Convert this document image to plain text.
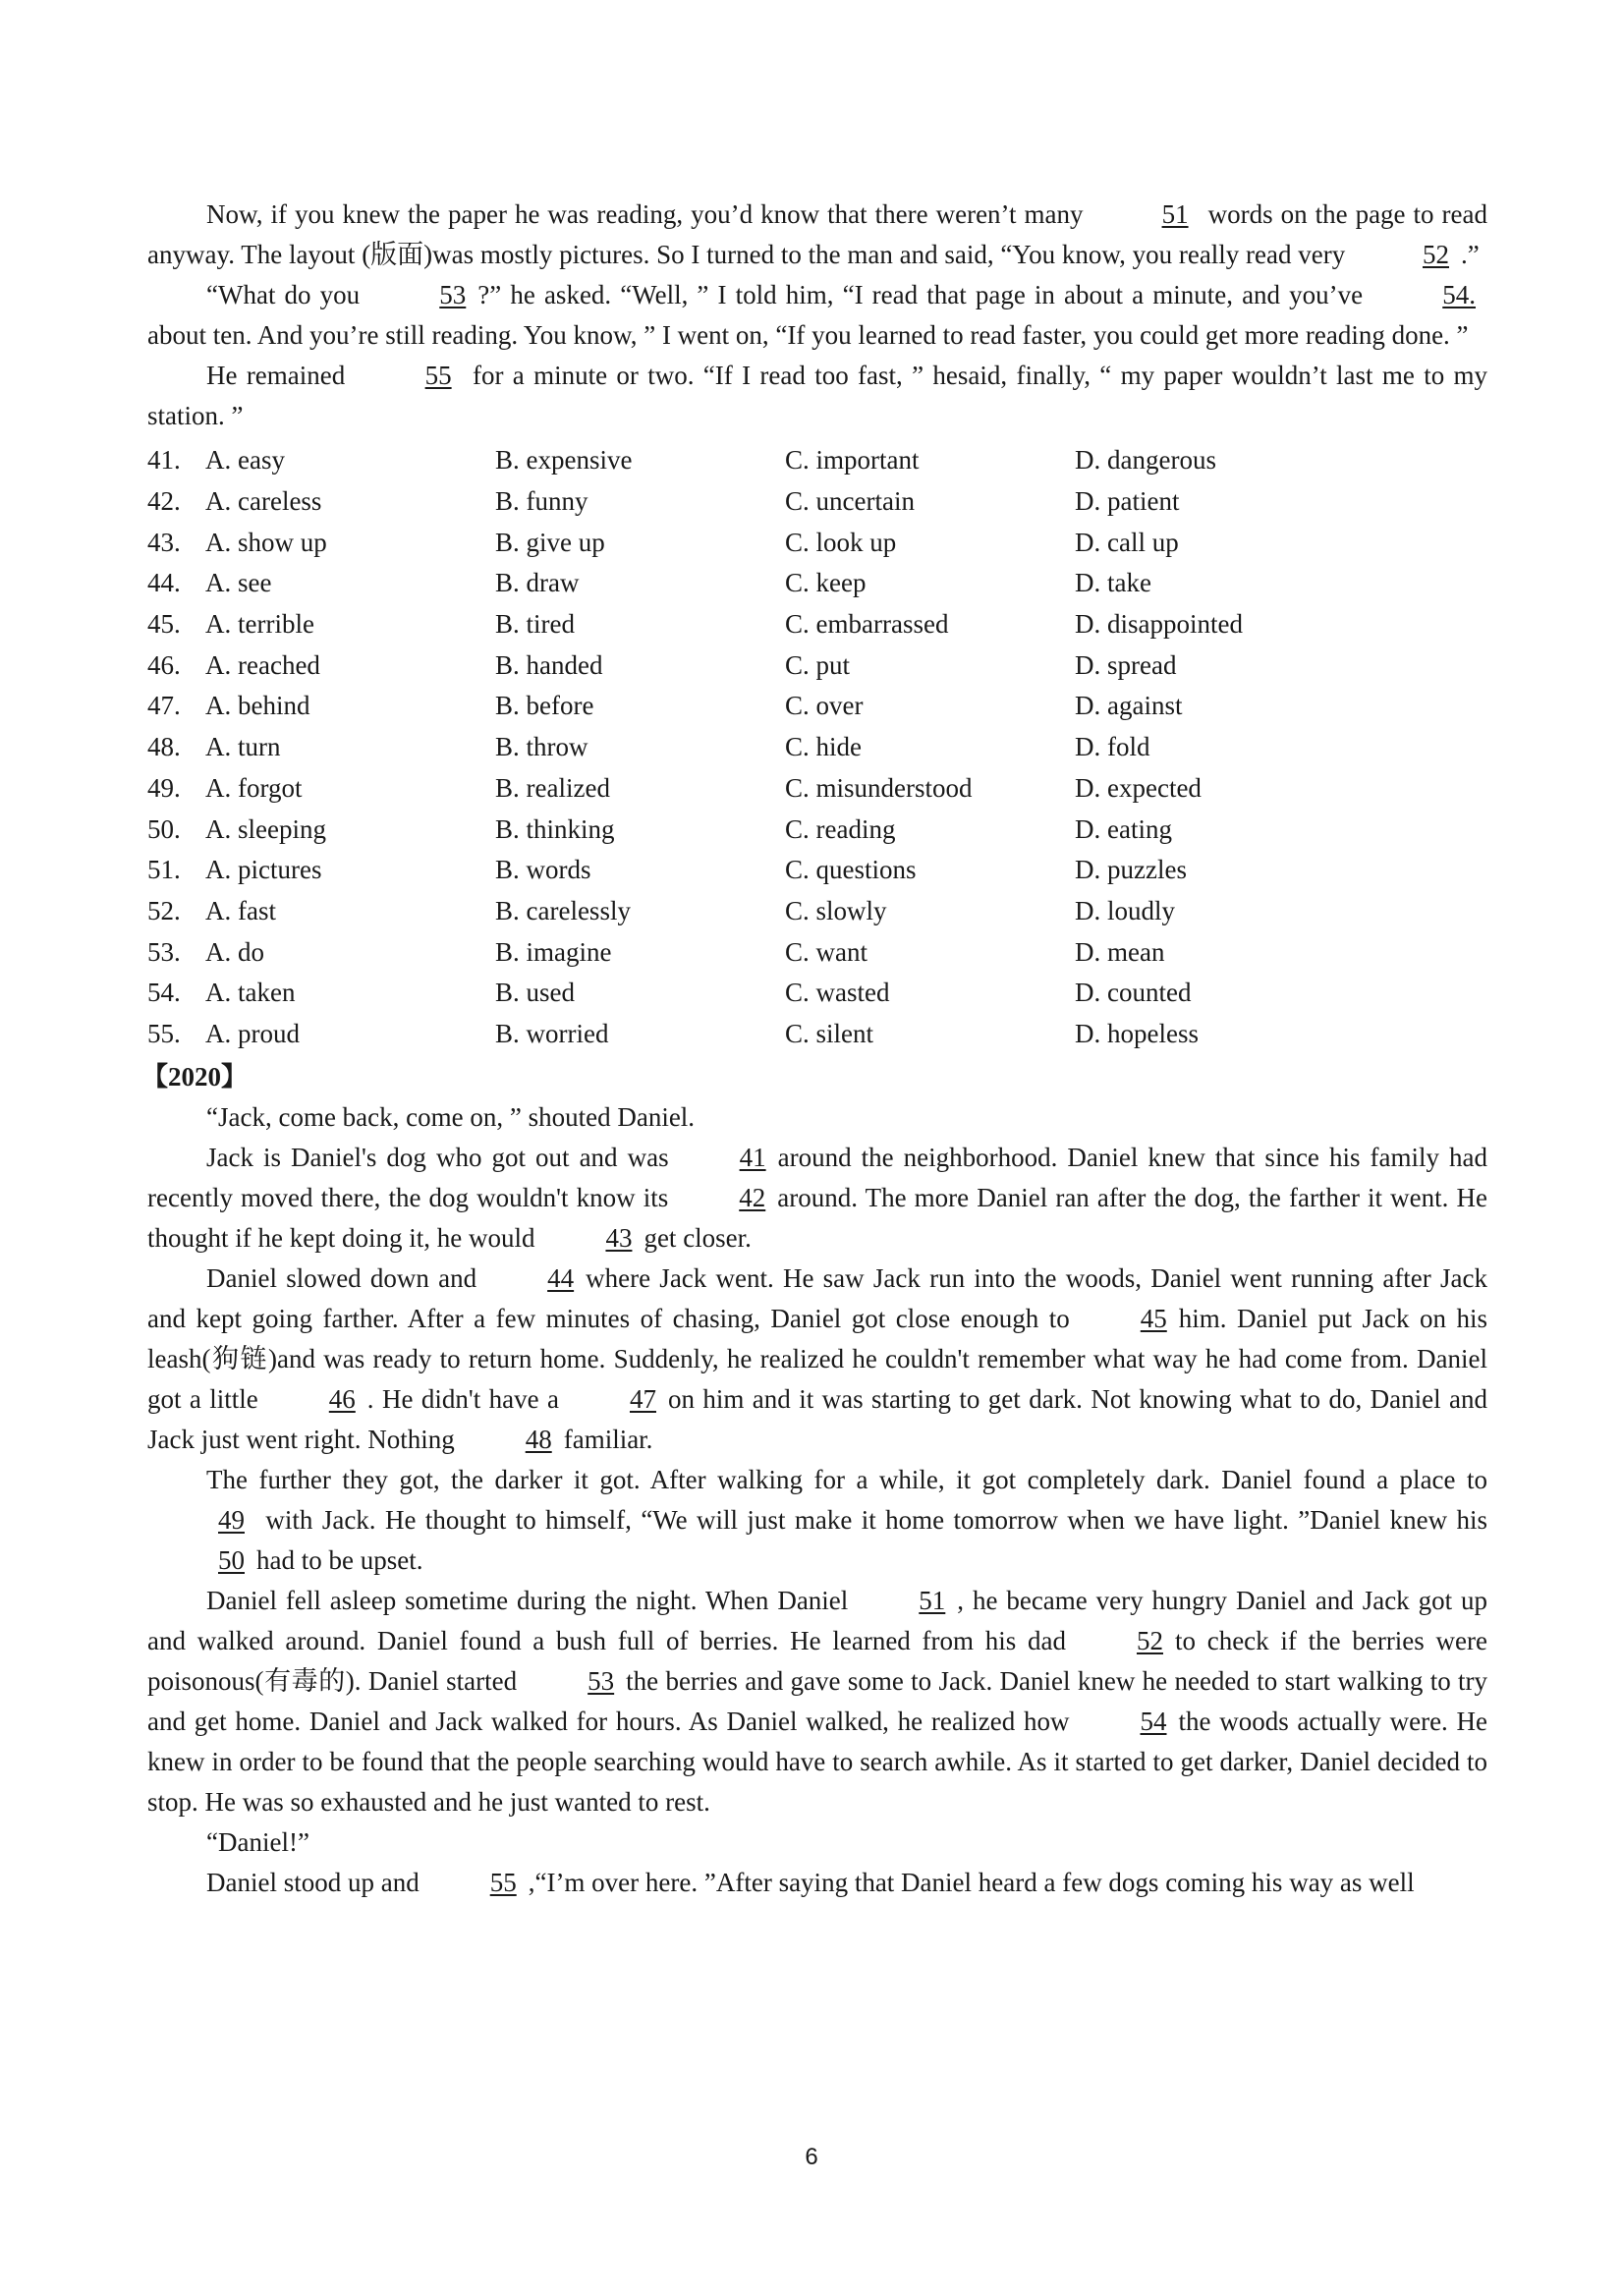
Now, if you knew the paper he was reading, you’d know that there weren’t many	51 words on the page to read anyway. The layout (版面)was mostly pictures. So I turned to the man and said, “You know, you really read very	52 .”

“What do you	53 ?” he asked. “Well, ” I told him, “I read that page in about a minute, and you’ve	54. about ten. And you’re still reading. You know, ” I went on, “If you learned to read faster, you could get more reading done. ”

He remained	55 for a minute or two. “If I read too fast, ” hesaid, finally, “ my paper wouldn’t last me to my station. ”

41. A. easy	B. expensive	C. important	D. dangerous
42. A. careless	B. funny	C. uncertain	D. patient
43. A. show up	B. give up	C. look up	D. call up
44. A. see	B. draw	C. keep	D. take
45. A. terrible	B. tired	C. embarrassed	D. disappointed
46. A. reached	B. handed	C. put	D. spread
47. A. behind	B. before	C. over	D. against
48. A. turn	B. throw	C. hide	D. fold
49. A. forgot	B. realized	C. misunderstood	D. expected
50. A. sleeping	B. thinking	C. reading	D. eating
51. A. pictures	B. words	C. questions	D. puzzles
52. A. fast	B. carelessly	C. slowly	D. loudly
53. A. do	B. imagine	C. want	D. mean
54. A. taken	B. used	C. wasted	D. counted
55. A. proud	B. worried	C. silent	D. hopeless
【2020】

“Jack, come back, come on, ” shouted Daniel.

Jack is Daniel's dog who got out and was	41 around the neighborhood. Daniel knew that since his family had recently moved there, the dog wouldn't know its	42 around. The more Daniel ran after the dog, the farther it went. He thought if he kept doing it, he would	43 get closer.

Daniel slowed down and	44 where Jack went. He saw Jack run into the woods, Daniel went running after Jack and kept going farther. After a few minutes of chasing, Daniel got close enough to	45 him. Daniel put Jack on his leash(狗链)and was ready to return home. Suddenly, he realized he couldn't remember what way he had come from. Daniel got a little	46 . He didn't have a	47 on him and it was starting to get dark. Not knowing what to do, Daniel and Jack just went right. Nothing	48 familiar.

The further they got, the darker it got. After walking for a while, it got completely dark. Daniel found a place to 49 with Jack. He thought to himself, “We will just make it home tomorrow when we have light. ”Daniel knew his 50 had to be upset.

Daniel fell asleep sometime during the night. When Daniel	51 , he became very hungry Daniel and Jack got up and walked around. Daniel found a bush full of berries. He learned from his dad	52 to check if the berries were poisonous(有毒的). Daniel started	53 the berries and gave some to Jack. Daniel knew he needed to start walking to try and get home. Daniel and Jack walked for hours. As Daniel walked, he realized how	54 the woods actually were. He knew in order to be found that the people searching would have to search awhile. As it started to get darker, Daniel decided to stop. He was so exhausted and he just wanted to rest.

“Daniel!”

Daniel stood up and	55 ,“I’m over here. ”After saying that Daniel heard a few dogs coming his way as well

6
